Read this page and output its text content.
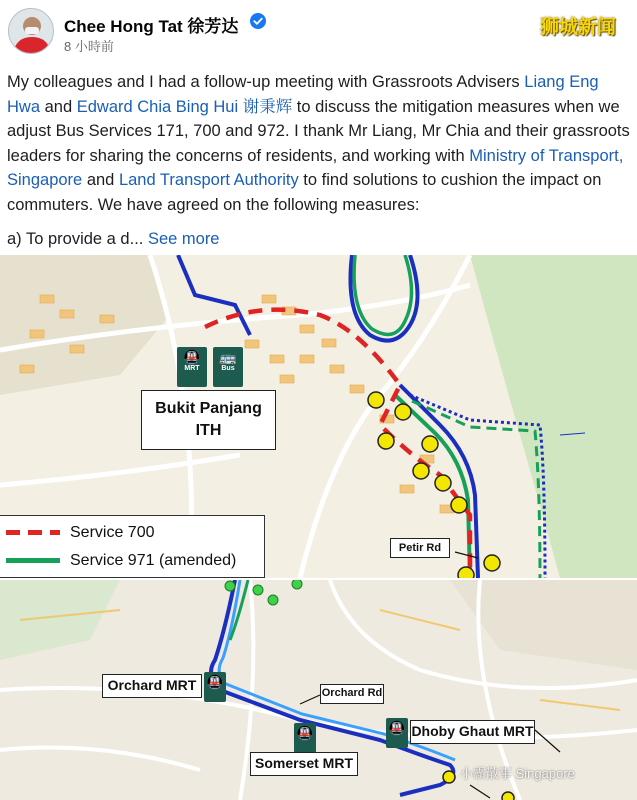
Chee Hong Tat 徐芳达
8 小時前
狮城新闻

My colleagues and I had a follow-up meeting with Grassroots Advisers Liang Eng Hwa and Edward Chia Bing Hui 谢秉辉 to discuss the mitigation measures when we adjust Bus Services 171, 700 and 972. I thank Mr Liang, Mr Chia and their grassroots leaders for sharing the concerns of residents, and working with Ministry of Transport, Singapore and Land Transport Authority to find solutions to cushion the impact on commuters. We have agreed on the following measures:

a) To provide a d... See more

🚇
MRT
🚌
Bus
Bukit Panjang
ITH
Petir Rd
Service 700
Service 971 (amended)
Orchard MRT 🚇
Orchard Rd
🚇	🚇 Dhoby Ghaut MRT
Somerset MRT
小霸散事 Singapore
